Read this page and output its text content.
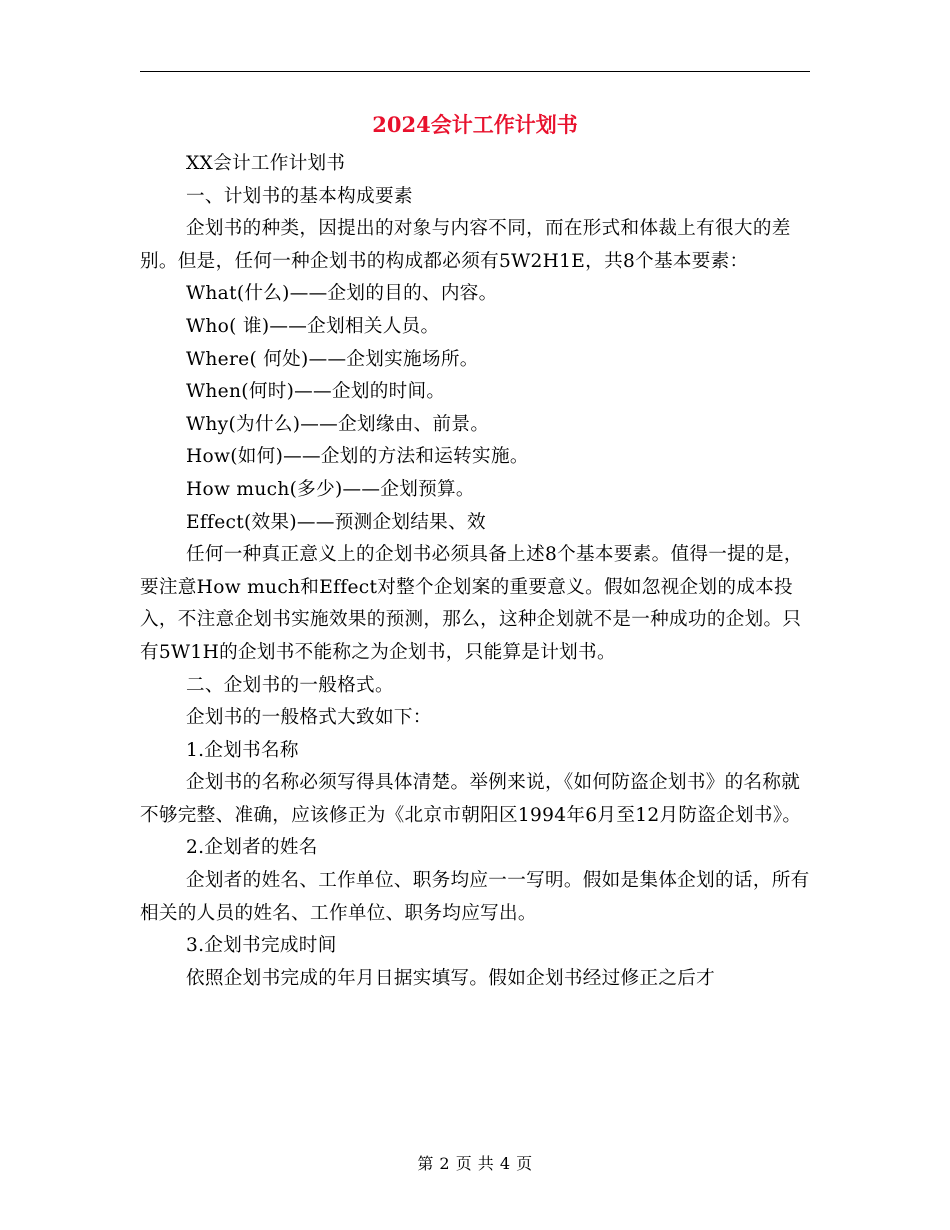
2024会计工作计划书

XX会计工作计划书

一、计划书的基本构成要素

企划书的种类，因提出的对象与内容不同，而在形式和体裁上有很大的差别。但是，任何一种企划书的构成都必须有5W2H1E，共8个基本要素：

What(什么)——企划的目的、内容。

Who( 谁)——企划相关人员。

Where( 何处)——企划实施场所。

When(何时)——企划的时间。

Why(为什么)——企划缘由、前景。

How(如何)——企划的方法和运转实施。

How much(多少)——企划预算。

Effect(效果)——预测企划结果、效

任何一种真正意义上的企划书必须具备上述8个基本要素。值得一提的是，要注意How much和Effect对整个企划案的重要意义。假如忽视企划的成本投入，不注意企划书实施效果的预测，那么，这种企划就不是一种成功的企划。只有5W1H的企划书不能称之为企划书，只能算是计划书。

二、企划书的一般格式。

企划书的一般格式大致如下：

1.企划书名称

企划书的名称必须写得具体清楚。举例来说，《如何防盗企划书》的名称就不够完整、准确，应该修正为《北京市朝阳区1994年6月至12月防盗企划书》。

2.企划者的姓名

企划者的姓名、工作单位、职务均应一一写明。假如是集体企划的话，所有相关的人员的姓名、工作单位、职务均应写出。

3.企划书完成时间

依照企划书完成的年月日据实填写。假如企划书经过修正之后才

第 2 页 共 4 页
